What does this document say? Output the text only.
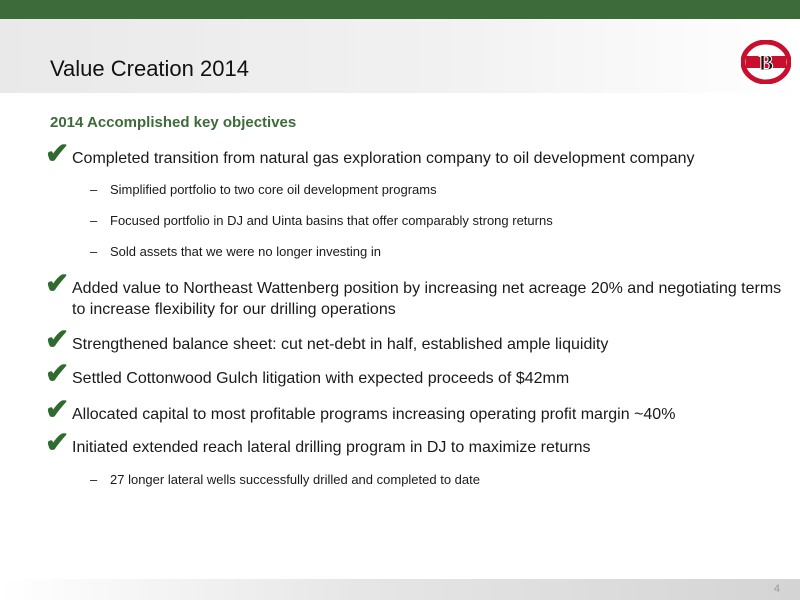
Value Creation 2014	B
2014 Accomplished key objectives
✔ Completed transition from natural gas exploration company to oil development company
– Simplified portfolio to two core oil development programs
– Focused portfolio in DJ and Uinta basins that offer comparably strong returns
– Sold assets that we were no longer investing in
✔ Added value to Northeast Wattenberg position by increasing net acreage 20% and negotiating terms to increase flexibility for our drilling operations
✔ Strengthened balance sheet: cut net-debt in half, established ample liquidity
✔ Settled Cottonwood Gulch litigation with expected proceeds of $42mm
✔ Allocated capital to most profitable programs increasing operating profit margin ~40%
✔ Initiated extended reach lateral drilling program in DJ to maximize returns
– 27 longer lateral wells successfully drilled and completed to date
4
